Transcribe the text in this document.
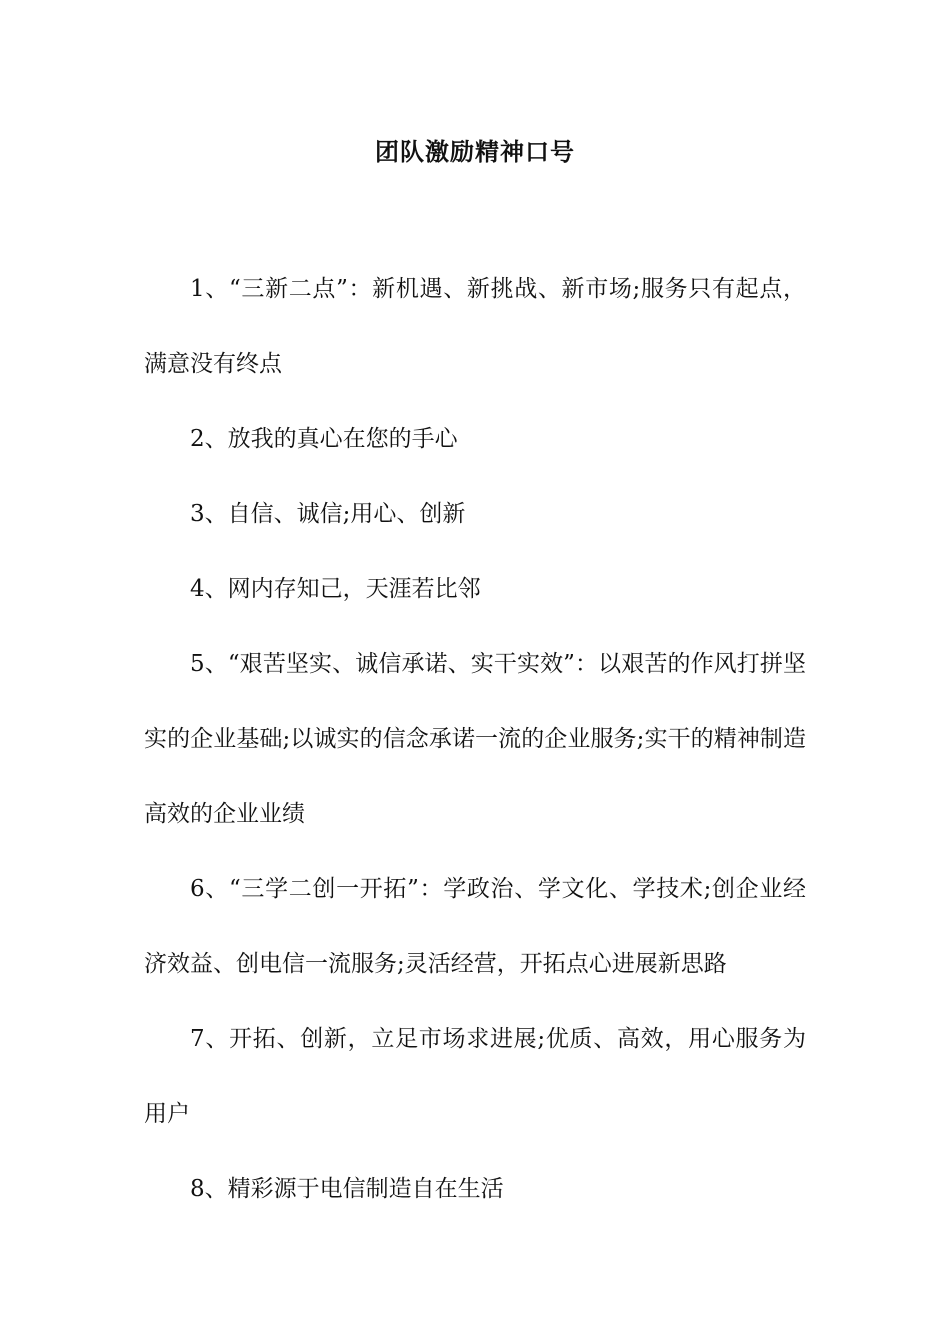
团队激励精神口号

1、“三新二点”：新机遇、新挑战、新市场;服务只有起点，满意没有终点

2、放我的真心在您的手心

3、自信、诚信;用心、创新

4、网内存知己，天涯若比邻

5、“艰苦坚实、诚信承诺、实干实效”：以艰苦的作风打拼坚实的企业基础;以诚实的信念承诺一流的企业服务;实干的精神制造高效的企业业绩

6、“三学二创一开拓”：学政治、学文化、学技术;创企业经济效益、创电信一流服务;灵活经营，开拓点心进展新思路

7、开拓、创新，立足市场求进展;优质、高效，用心服务为用户

8、精彩源于电信制造自在生活
